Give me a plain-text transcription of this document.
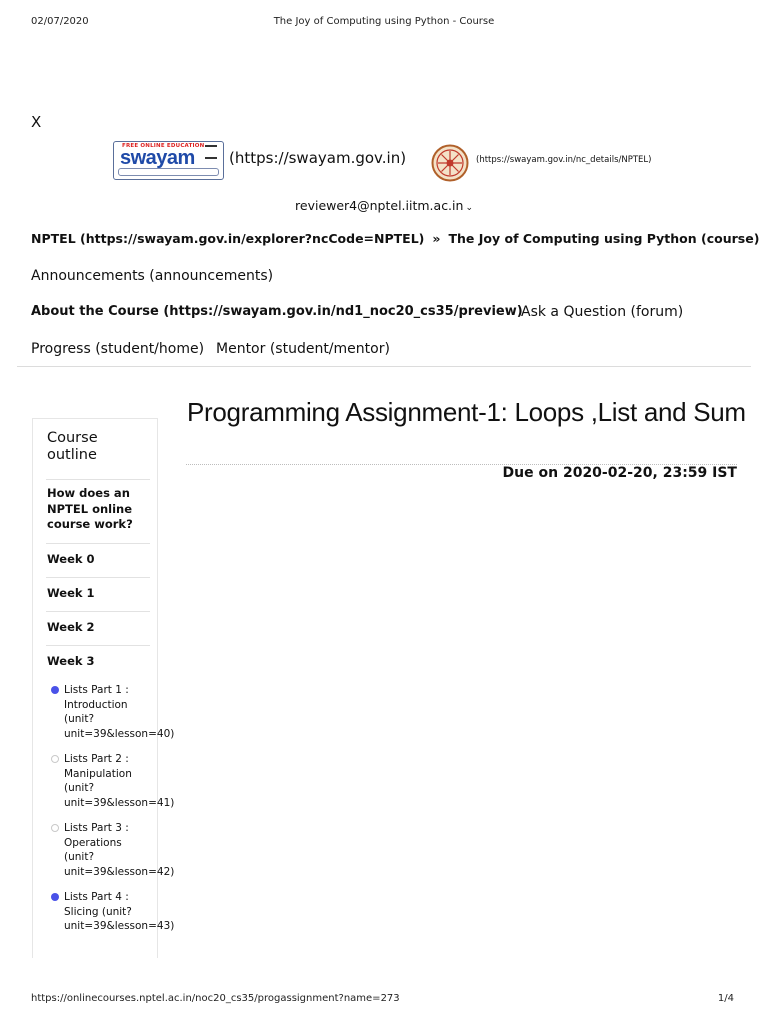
02/07/2020	The Joy of Computing using Python - Course
X
FREE ONLINE EDUCATION
swayam (https://swayam.gov.in)	(https://swayam.gov.in/nc_details/NPTEL)
reviewer4@nptel.iitm.ac.in ⌄
NPTEL (https://swayam.gov.in/explorer?ncCode=NPTEL) » The Joy of Computing using Python (course)
Announcements (announcements)
About the Course (https://swayam.gov.in/nd1_noc20_cs35/preview)
Ask a Question (forum)
Progress (student/home) Mentor (student/mentor)
Course outline
How does an NPTEL online course work?
Week 0
Week 1
Week 2
Week 3
Lists Part 1 :
Introduction
(unit?
unit=39&lesson=40)
Lists Part 2 :
Manipulation
(unit?
unit=39&lesson=41)
Lists Part 3 :
Operations
(unit?
unit=39&lesson=42)
Lists Part 4 :
Slicing (unit?
unit=39&lesson=43)
Programming Assignment-1: Loops ,List and Sum
Due on 2020-02-20, 23:59 IST
https://onlinecourses.nptel.ac.in/noc20_cs35/progassignment?name=273	1/4
